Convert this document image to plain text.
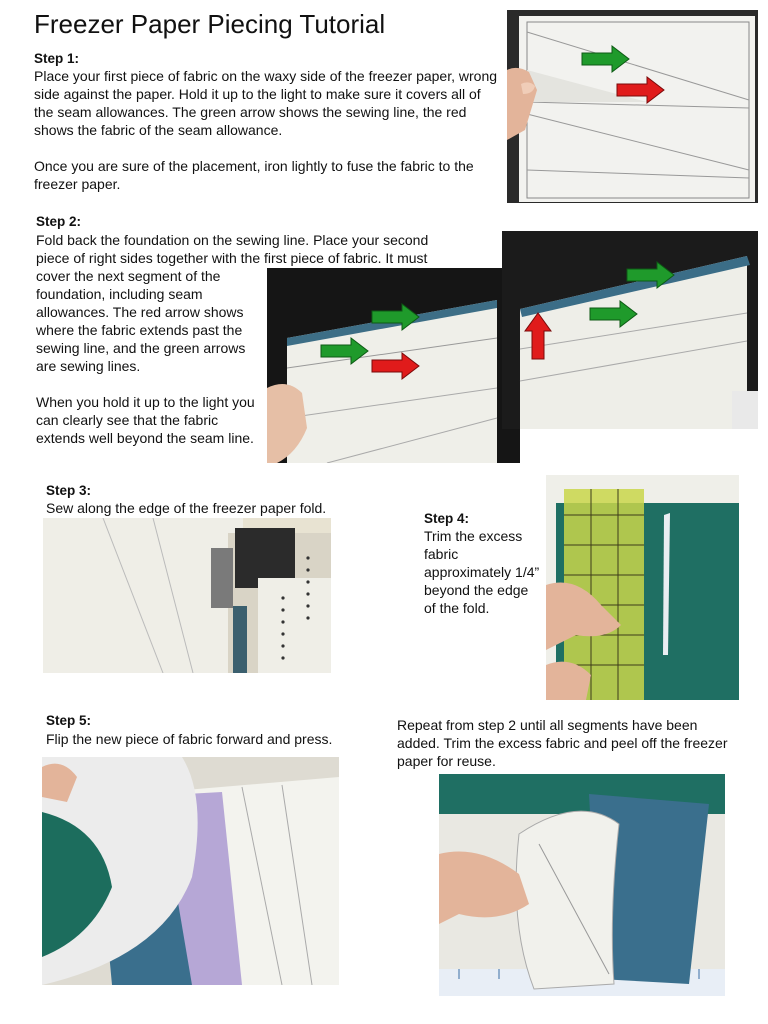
Freezer Paper Piecing Tutorial
Step 1:

Place your first piece of fabric on the waxy side of the freezer paper, wrong side against the paper. Hold it up to the light to make sure it covers all of the seam allowances. The green arrow shows the sewing line, the red shows the fabric of the seam allowance.

Once you are sure of the placement, iron lightly to fuse the fabric to the freezer paper.

Step 2:

Fold back the foundation on the sewing line. Place your second

piece of right sides together with the first piece of fabric. It must

cover the next segment of the foundation, including seam allowances. The red arrow shows where the fabric extends past the sewing line, and the green arrows are sewing lines.

When you hold it up to the light you can clearly see that the fabric extends well beyond the seam line.

Step 3:
Sew along the edge of the freezer paper fold.
Step 4:
Trim the excess fabric approximately 1/4” beyond the edge of the fold.
Step 5:
Flip the new piece of fabric forward and press.
Repeat from step 2 until all segments have been added. Trim the excess fabric and peel off the freezer paper for reuse.
